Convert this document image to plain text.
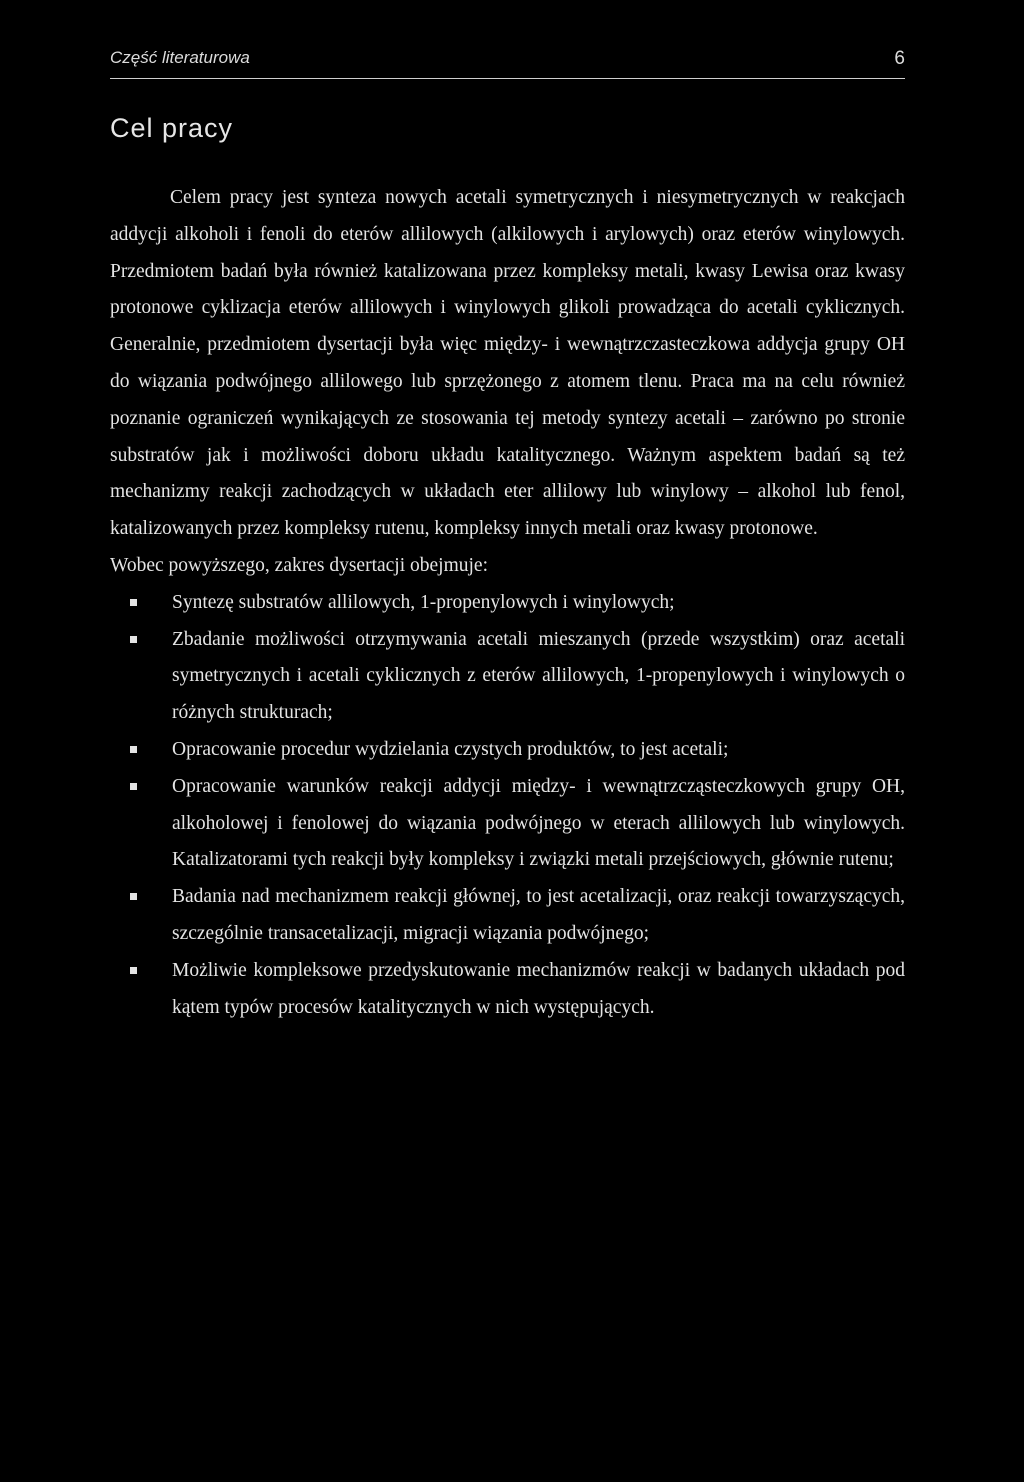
Część literaturowa	6
Cel pracy

Celem pracy jest synteza nowych acetali symetrycznych i niesymetrycznych w reakcjach addycji alkoholi i fenoli do eterów allilowych (alkilowych i arylowych) oraz eterów winylowych. Przedmiotem badań była również katalizowana przez kompleksy metali, kwasy Lewisa oraz kwasy protonowe cyklizacja eterów allilowych i winylowych glikoli prowadząca do acetali cyklicznych. Generalnie, przedmiotem dysertacji była więc między- i wewnątrzczasteczkowa addycja grupy OH do wiązania podwójnego allilowego lub sprzężonego z atomem tlenu. Praca ma na celu również poznanie ograniczeń wynikających ze stosowania tej metody syntezy acetali – zarówno po stronie substratów jak i możliwości doboru układu katalitycznego. Ważnym aspektem badań są też mechanizmy reakcji zachodzących w układach eter allilowy lub winylowy – alkohol lub fenol, katalizowanych przez kompleksy rutenu, kompleksy innych metali oraz kwasy protonowe.

Wobec powyższego, zakres dysertacji obejmuje:
Syntezę substratów allilowych, 1-propenylowych i winylowych;
Zbadanie możliwości otrzymywania acetali mieszanych (przede wszystkim) oraz acetali symetrycznych i acetali cyklicznych z eterów allilowych, 1-propenylowych i winylowych o różnych strukturach;
Opracowanie procedur wydzielania czystych produktów, to jest acetali;
Opracowanie warunków reakcji addycji między- i wewnątrzcząsteczkowych grupy OH, alkoholowej i fenolowej do wiązania podwójnego w eterach allilowych lub winylowych. Katalizatorami tych reakcji były kompleksy i związki metali przejściowych, głównie rutenu;
Badania nad mechanizmem reakcji głównej, to jest acetalizacji, oraz reakcji towarzyszących, szczególnie transacetalizacji, migracji wiązania podwójnego;
Możliwie kompleksowe przedyskutowanie mechanizmów reakcji w badanych układach pod kątem typów procesów katalitycznych w nich występujących.
